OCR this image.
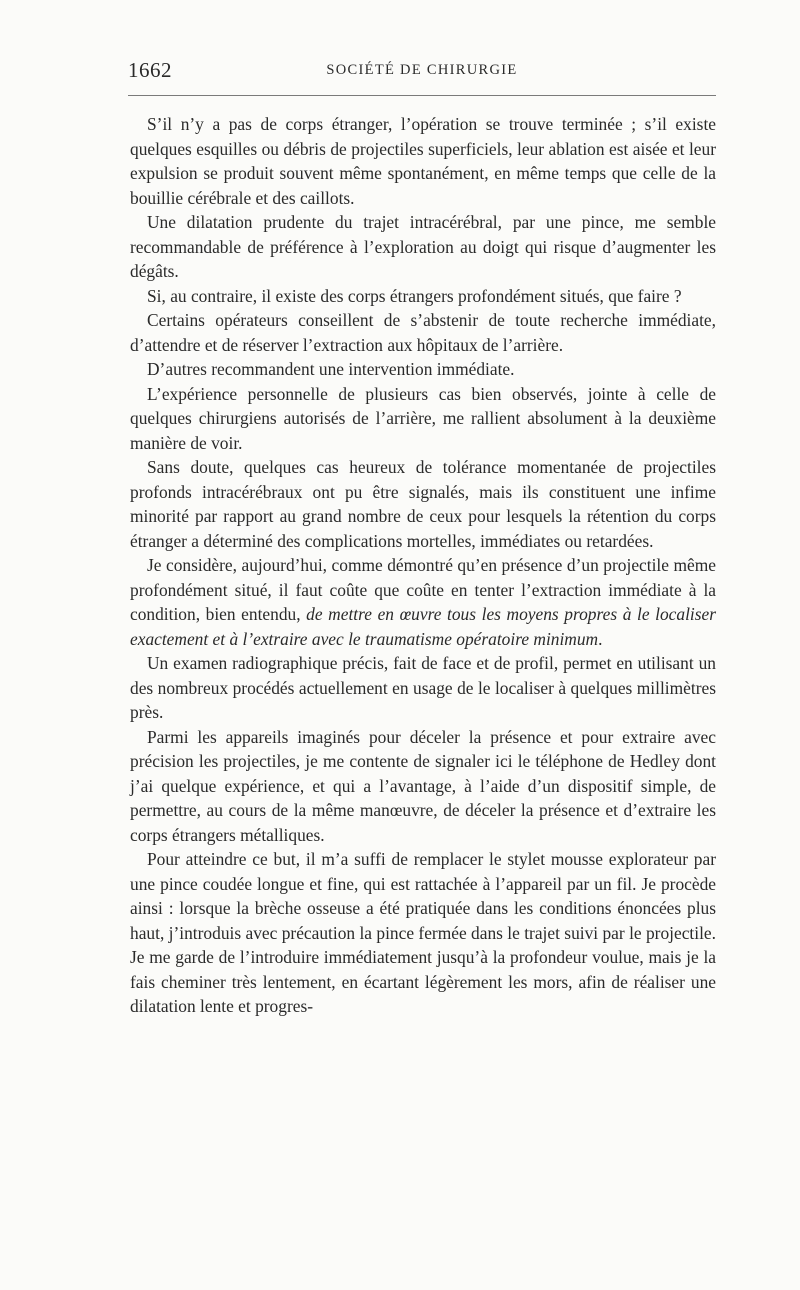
1662	SOCIÉTÉ DE CHIRURGIE

S’il n’y a pas de corps étranger, l’opération se trouve terminée ; s’il existe quelques esquilles ou débris de projectiles superficiels, leur ablation est aisée et leur expulsion se produit souvent même spontanément, en même temps que celle de la bouillie cérébrale et des caillots.

Une dilatation prudente du trajet intracérébral, par une pince, me semble recommandable de préférence à l’exploration au doigt qui risque d’augmenter les dégâts.

Si, au contraire, il existe des corps étrangers profondément situés, que faire ?

Certains opérateurs conseillent de s’abstenir de toute recherche immédiate, d’attendre et de réserver l’extraction aux hôpitaux de l’arrière.

D’autres recommandent une intervention immédiate.

L’expérience personnelle de plusieurs cas bien observés, jointe à celle de quelques chirurgiens autorisés de l’arrière, me rallient absolument à la deuxième manière de voir.

Sans doute, quelques cas heureux de tolérance momentanée de projectiles profonds intracérébraux ont pu être signalés, mais ils constituent une infime minorité par rapport au grand nombre de ceux pour lesquels la rétention du corps étranger a déterminé des complications mortelles, immédiates ou retardées.

Je considère, aujourd’hui, comme démontré qu’en présence d’un projectile même profondément situé, il faut coûte que coûte en tenter l’extraction immédiate à la condition, bien entendu, de mettre en œuvre tous les moyens propres à le localiser exactement et à l’extraire avec le traumatisme opératoire minimum.

Un examen radiographique précis, fait de face et de profil, permet en utilisant un des nombreux procédés actuellement en usage de le localiser à quelques millimètres près.

Parmi les appareils imaginés pour déceler la présence et pour extraire avec précision les projectiles, je me contente de signaler ici le téléphone de Hedley dont j’ai quelque expérience, et qui a l’avantage, à l’aide d’un dispositif simple, de permettre, au cours de la même manœuvre, de déceler la présence et d’extraire les corps étrangers métalliques.

Pour atteindre ce but, il m’a suffi de remplacer le stylet mousse explorateur par une pince coudée longue et fine, qui est rattachée à l’appareil par un fil. Je procède ainsi : lorsque la brèche osseuse a été pratiquée dans les conditions énoncées plus haut, j’introduis avec précaution la pince fermée dans le trajet suivi par le projectile. Je me garde de l’introduire immédiatement jusqu’à la profondeur voulue, mais je la fais cheminer très lentement, en écartant légèrement les mors, afin de réaliser une dilatation lente et progres-
